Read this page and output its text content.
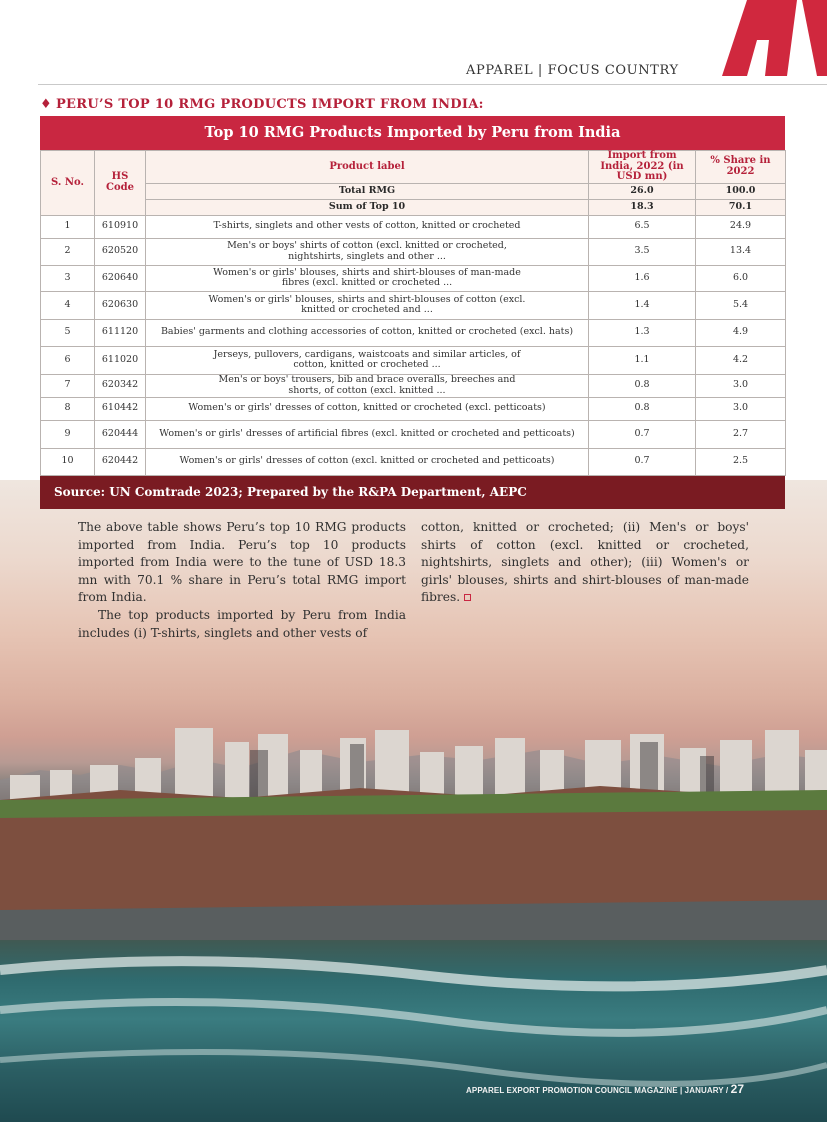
APPAREL | FOCUS COUNTRY
♦ PERU’S TOP 10 RMG PRODUCTS IMPORT FROM INDIA:
Top 10 RMG Products Imported by Peru from India
S. No.	HS Code	Product label	Import from India, 2022 (in USD mn)	% Share in 2022
		Total RMG	26.0	100.0
		Sum of Top 10	18.3	70.1
1	610910	T-shirts, singlets and other vests of cotton, knitted or crocheted	6.5	24.9
2	620520	Men's or boys' shirts of cotton (excl. knitted or crocheted, nightshirts, singlets and other ...	3.5	13.4
3	620640	Women's or girls' blouses, shirts and shirt-blouses of man-made fibres (excl. knitted or crocheted ...	1.6	6.0
4	620630	Women's or girls' blouses, shirts and shirt-blouses of cotton (excl. knitted or crocheted and ...	1.4	5.4
5	611120	Babies' garments and clothing accessories of cotton, knitted or crocheted (excl. hats)	1.3	4.9
6	611020	Jerseys, pullovers, cardigans, waistcoats and similar articles, of cotton, knitted or crocheted ...	1.1	4.2
7	620342	Men's or boys' trousers, bib and brace overalls, breeches and shorts, of cotton (excl. knitted ...	0.8	3.0
8	610442	Women's or girls' dresses of cotton, knitted or crocheted (excl. petticoats)	0.8	3.0
9	620444	Women's or girls' dresses of artificial fibres (excl. knitted or crocheted and petticoats)	0.7	2.7
10	620442	Women's or girls' dresses of cotton (excl. knitted or crocheted and petticoats)	0.7	2.5
Source: UN Comtrade 2023; Prepared by the R&PA Department, AEPC

The above table shows Peru’s top 10 RMG products imported from India. Peru’s top 10 products imported from India were to the tune of USD 18.3 mn with 70.1 % share in Peru’s total RMG import from India.

The top products imported by Peru from India includes (i) T-shirts, singlets and other vests of

cotton, knitted or crocheted; (ii) Men's or boys' shirts of cotton (excl. knitted or crocheted, nightshirts, singlets and other); (iii) Women's or girls' blouses, shirts and shirt-blouses of man-made fibres.

APPAREL EXPORT PROMOTION COUNCIL MAGAZINE | JANUARY / 27
